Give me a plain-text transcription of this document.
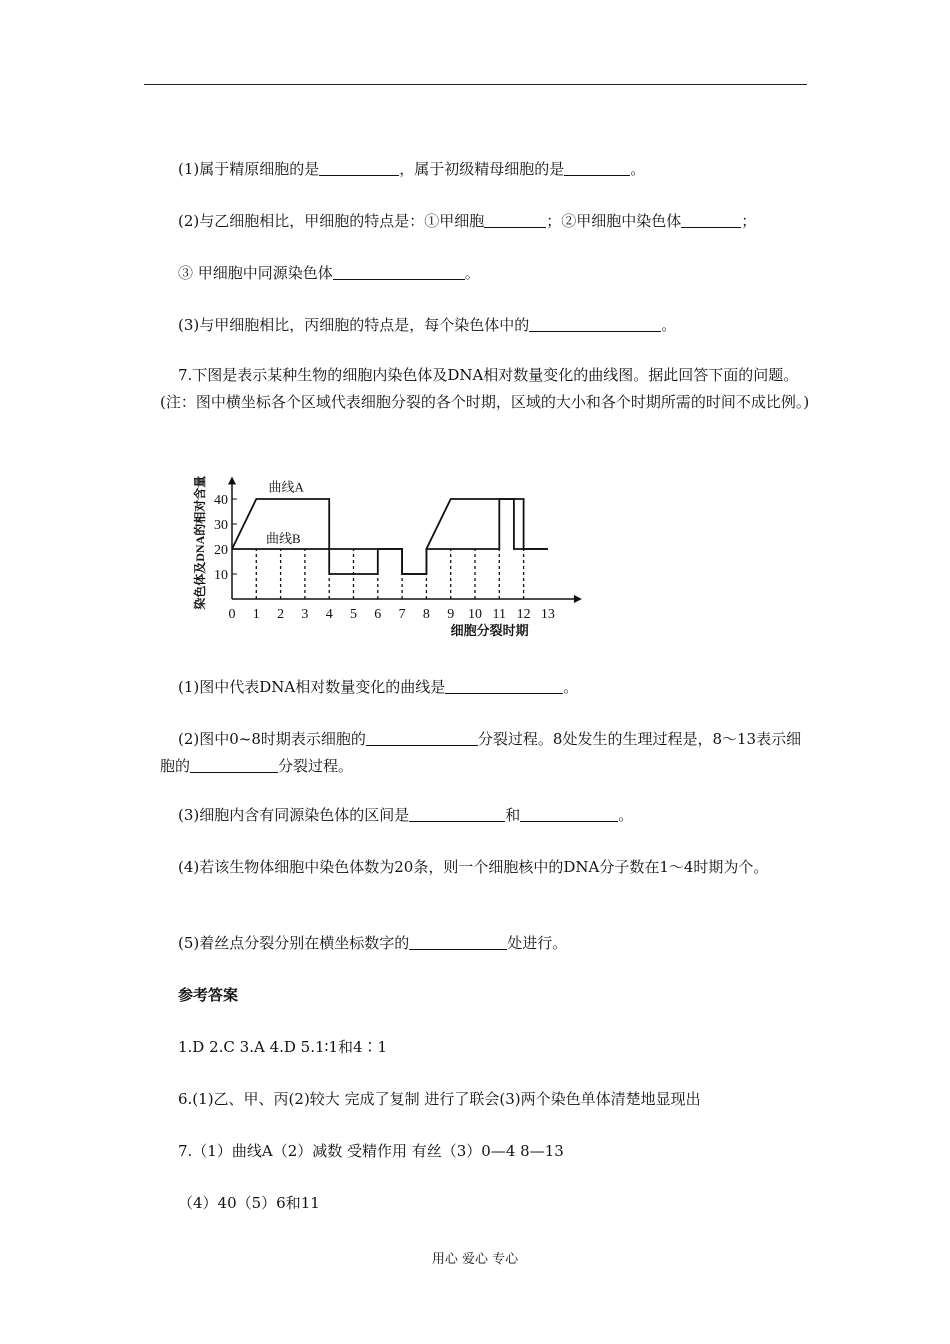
(1)属于精原细胞的是	，属于初级精母细胞的是	。
(2)与乙细胞相比，甲细胞的特点是：①甲细胞	；②甲细胞中染色体	；
③ 甲细胞中同源染色体	。
(3)与甲细胞相比，丙细胞的特点是，每个染色体中的	。
7.下图是表示某种生物的细胞内染色体及DNA相对数量变化的曲线图。据此回答下面的问题。(注：图中横坐标各个区域代表细胞分裂的各个时期，区域的大小和各个时期所需的时间不成比例。)
10
20
30
40
0 1 2 3 4 5 6 7 8 9 10 11 12 13
曲线A
曲线B
细胞分裂时期
染色体及DNA的相对含量
(1)图中代表DNA相对数量变化的曲线是	。
(2)图中0~8时期表示细胞的	分裂过程。8处发生的生理过程是，8～13表示细胞的	分裂过程。
(3)细胞内含有同源染色体的区间是	和	。
(4)若该生物体细胞中染色体数为20条，则一个细胞核中的DNA分子数在1～4时期为个。
(5)着丝点分裂分别在横坐标数字的	处进行。
参考答案
1.D 2.C 3.A 4.D 5.1∶1和4∶1
6.(1)乙、甲、丙(2)较大 完成了复制 进行了联会(3)两个染色单体清楚地显现出
7.（1）曲线A（2）减数 受精作用 有丝（3）0—4 8—13
（4）40（5）6和11
用心 爱心 专心
